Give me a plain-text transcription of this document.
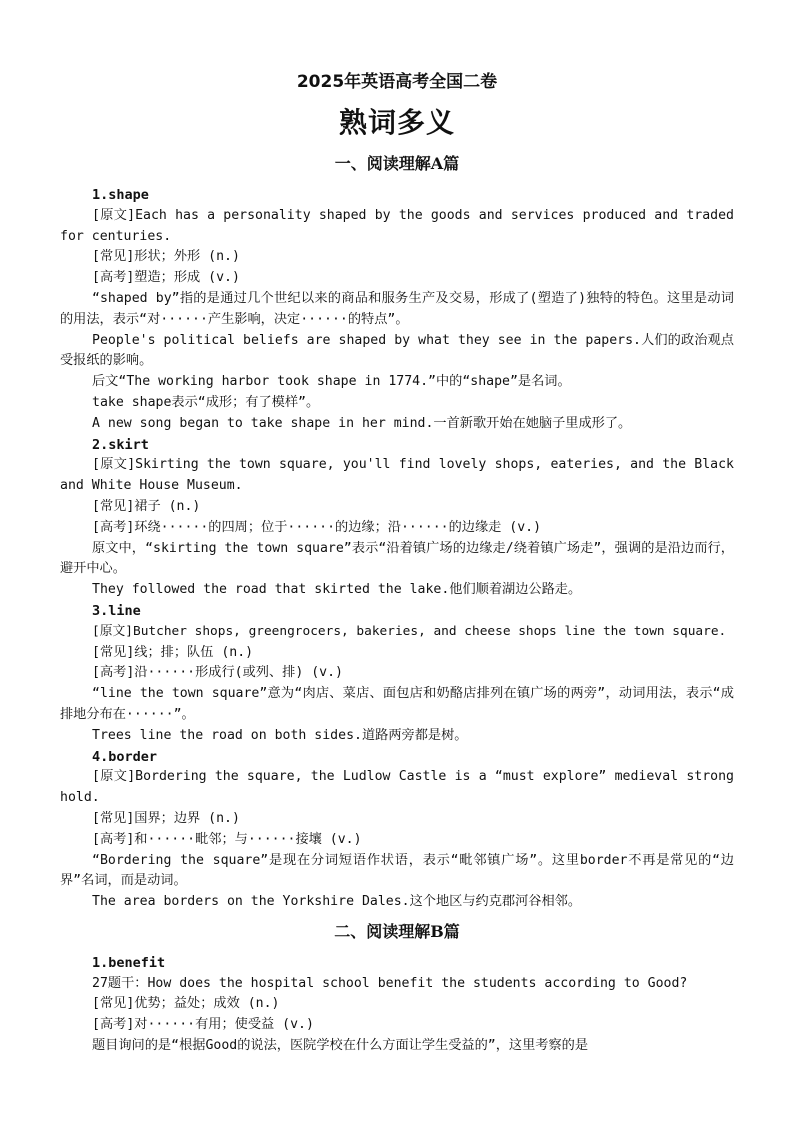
2025年英语高考全国二卷
熟词多义
一、阅读理解A篇
1.shape

[原文]Each has a personality shaped by the goods and services produced and traded for centuries.

[常见]形状；外形 (n.)

[高考]塑造；形成 (v.)

“shaped by”指的是通过几个世纪以来的商品和服务生产及交易，形成了(塑造了)独特的特色。这里是动词的用法，表示“对······产生影响，决定······的特点”。

People's political beliefs are shaped by what they see in the papers.人们的政治观点受报纸的影响。

后文“The working harbor took shape in 1774.”中的“shape”是名词。

take shape表示“成形；有了模样”。

A new song began to take shape in her mind.一首新歌开始在她脑子里成形了。

2.skirt

[原文]Skirting the town square, you'll find lovely shops, eateries, and the Black and White House Museum.

[常见]裙子 (n.)

[高考]环绕······的四周；位于······的边缘；沿······的边缘走 (v.)

原文中，“skirting the town square”表示“沿着镇广场的边缘走/绕着镇广场走”，强调的是沿边而行，避开中心。

They followed the road that skirted the lake.他们顺着湖边公路走。

3.line

[原文]Butcher shops, greengrocers, bakeries, and cheese shops line the town square.

[常见]线；排；队伍 (n.)

[高考]沿······形成行(或列、排) (v.)

“line the town square”意为“肉店、菜店、面包店和奶酪店排列在镇广场的两旁”，动词用法，表示“成排地分布在······”。

Trees line the road on both sides.道路两旁都是树。

4.border

[原文]Bordering the square, the Ludlow Castle is a “must explore” medieval stronghold.

[常见]国界；边界 (n.)

[高考]和······毗邻；与······接壤 (v.)

“Bordering the square”是现在分词短语作状语，表示“毗邻镇广场”。这里border不再是常见的“边界”名词，而是动词。

The area borders on the Yorkshire Dales.这个地区与约克郡河谷相邻。

二、阅读理解B篇
1.benefit

27题干：How does the hospital school benefit the students according to Good?

[常见]优势；益处；成效 (n.)

[高考]对······有用；使受益 (v.)

题目询问的是“根据Good的说法，医院学校在什么方面让学生受益的”，这里考察的是
